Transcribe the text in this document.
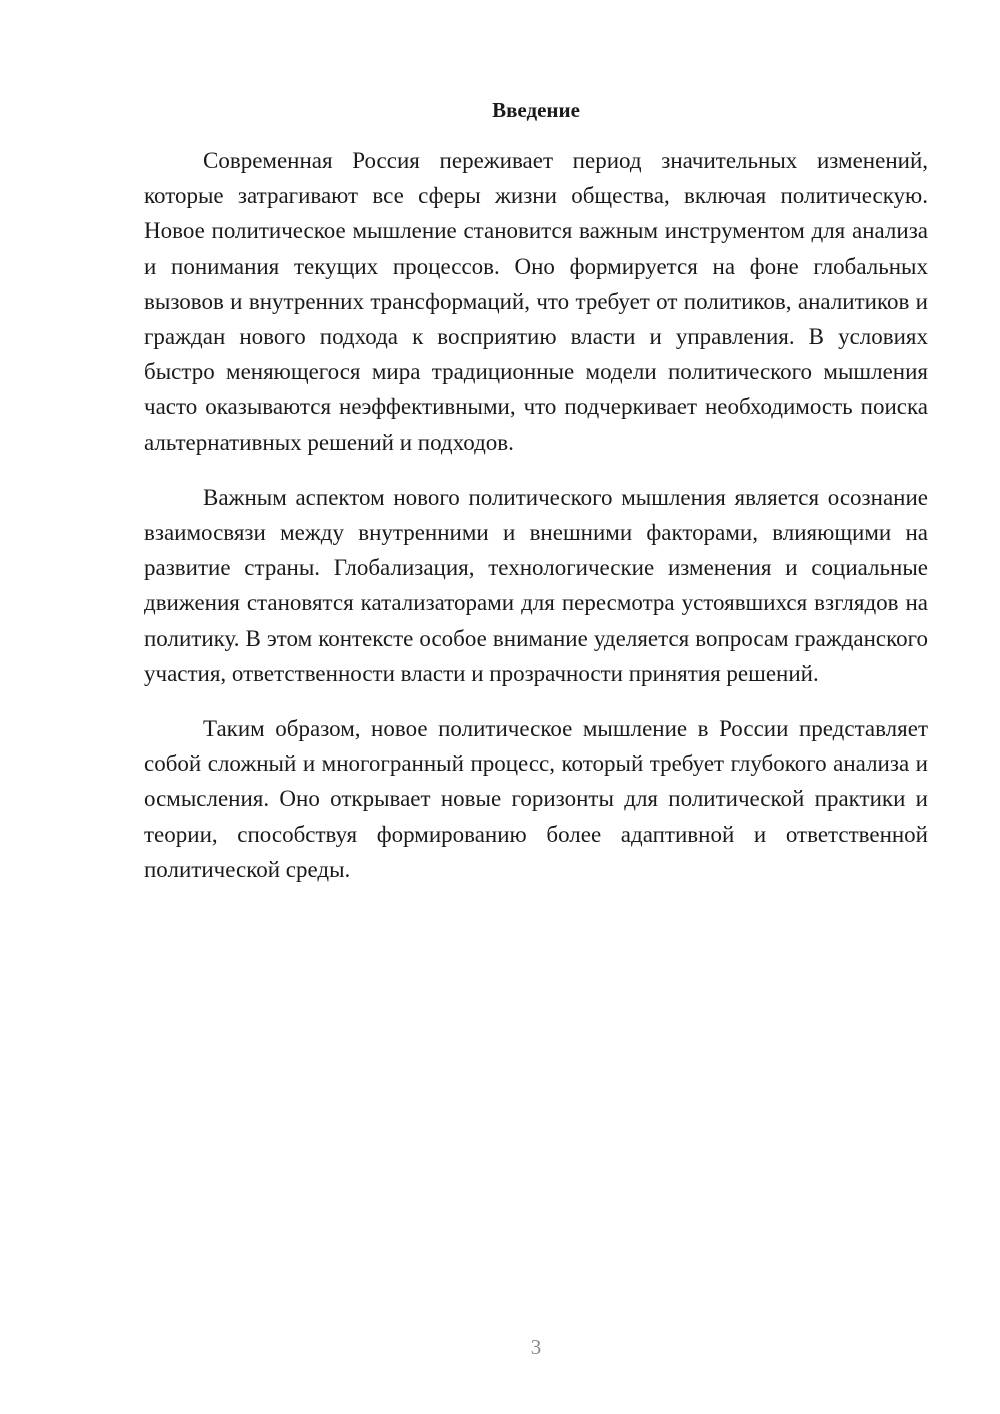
Введение

Современная Россия переживает период значительных изменений, которые затрагивают все сферы жизни общества, включая политическую. Новое политическое мышление становится важным инструментом для анализа и понимания текущих процессов. Оно формируется на фоне глобальных вызовов и внутренних трансформаций, что требует от политиков, аналитиков и граждан нового подхода к восприятию власти и управления. В условиях быстро меняющегося мира традиционные модели политического мышления часто оказываются неэффективными, что подчеркивает необходимость поиска альтернативных решений и подходов.

Важным аспектом нового политического мышления является осознание взаимосвязи между внутренними и внешними факторами, влияющими на развитие страны. Глобализация, технологические изменения и социальные движения становятся катализаторами для пересмотра устоявшихся взглядов на политику. В этом контексте особое внимание уделяется вопросам гражданского участия, ответственности власти и прозрачности принятия решений.

Таким образом, новое политическое мышление в России представляет собой сложный и многогранный процесс, который требует глубокого анализа и осмысления. Оно открывает новые горизонты для политической практики и теории, способствуя формированию более адаптивной и ответственной политической среды.

3
